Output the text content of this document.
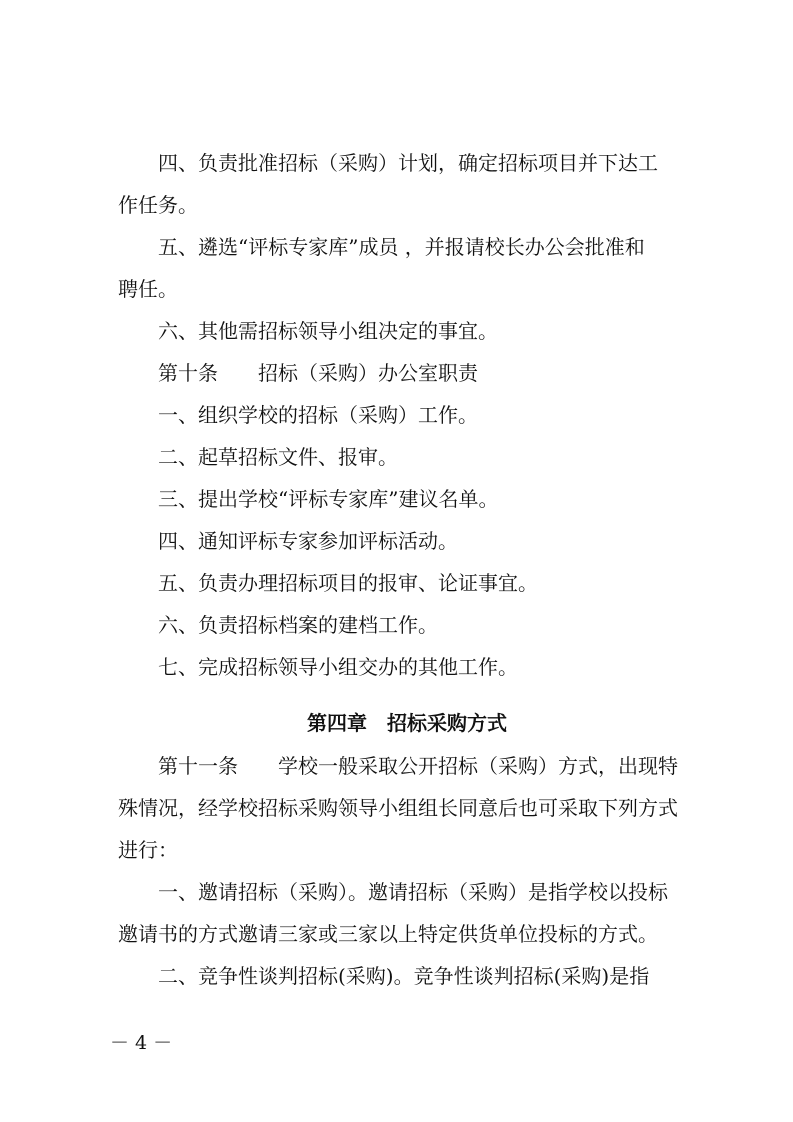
四、负责批准招标（采购）计划，确定招标项目并下达工

作任务。

五、遴选“评标专家库”成员 ，并报请校长办公会批准和

聘任。

六、其他需招标领导小组决定的事宜。

第十条　　招标（采购）办公室职责

一、组织学校的招标（采购）工作。

二、起草招标文件、报审。

三、提出学校“评标专家库”建议名单。

四、通知评标专家参加评标活动。

五、负责办理招标项目的报审、论证事宜。

六、负责招标档案的建档工作。

七、完成招标领导小组交办的其他工作。

第四章　招标采购方式

第十一条　　学校一般采取公开招标（采购）方式，出现特

殊情况，经学校招标采购领导小组组长同意后也可采取下列方式

进行：

一、邀请招标（采购）。邀请招标（采购）是指学校以投标

邀请书的方式邀请三家或三家以上特定供货单位投标的方式。

二、竞争性谈判招标(采购)。竞争性谈判招标(采购)是指

－ 4 －
